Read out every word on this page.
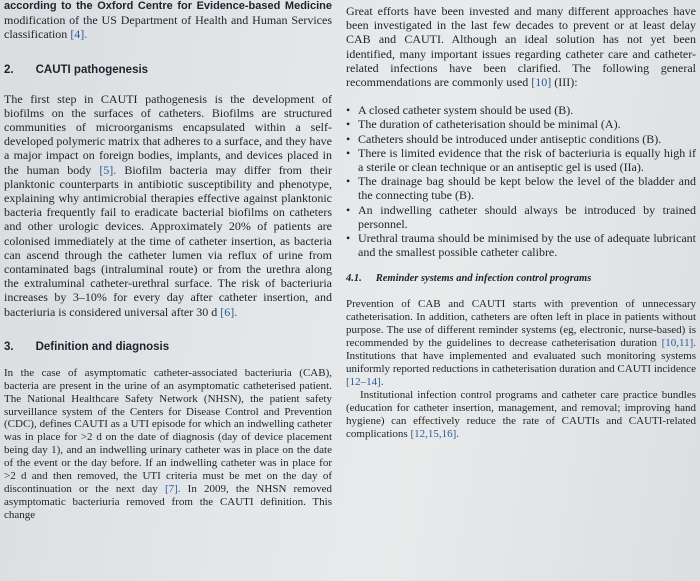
according to the Oxford Centre for Evidence-based Medicine modification of the US Department of Health and Human Services classification [4].

2. CAUTI pathogenesis

The first step in CAUTI pathogenesis is the development of biofilms on the surfaces of catheters. Biofilms are structured communities of microorganisms encapsulated within a self-developed polymeric matrix that adheres to a surface, and they have a major impact on foreign bodies, implants, and devices placed in the human body [5]. Biofilm bacteria may differ from their planktonic counterparts in antibiotic susceptibility and phenotype, explaining why antimicrobial therapies effective against planktonic bacteria frequently fail to eradicate bacterial biofilms on catheters and other urologic devices. Approximately 20% of patients are colonised immediately at the time of catheter insertion, as bacteria can ascend through the catheter lumen via reflux of urine from contaminated bags (intraluminal route) or from the urethra along the extraluminal catheter-urethral surface. The risk of bacteriuria increases by 3–10% for every day after catheter insertion, and bacteriuria is considered universal after 30 d [6].

3. Definition and diagnosis

In the case of asymptomatic catheter-associated bacteriuria (CAB), bacteria are present in the urine of an asymptomatic catheterised patient. The National Healthcare Safety Network (NHSN), the patient safety surveillance system of the Centers for Disease Control and Prevention (CDC), defines CAUTI as a UTI episode for which an indwelling catheter was in place for >2 d on the date of diagnosis (day of device placement being day 1), and an indwelling urinary catheter was in place on the date of the event or the day before. If an indwelling catheter was in place for >2 d and then removed, the UTI criteria must be met on the day of discontinuation or the next day [7]. In 2009, the NHSN removed asymptomatic bacteriuria removed from the CAUTI definition. This change

Great efforts have been invested and many different approaches have been investigated in the last few decades to prevent or at least delay CAB and CAUTI. Although an ideal solution has not yet been identified, many important issues regarding catheter care and catheter-related infections have been clarified. The following general recommendations are commonly used [10] (III):

• A closed catheter system should be used (B).
• The duration of catheterisation should be minimal (A).
• Catheters should be introduced under antiseptic conditions (B).
• There is limited evidence that the risk of bacteriuria is equally high if a sterile or clean technique or an antiseptic gel is used (IIa).
• The drainage bag should be kept below the level of the bladder and the connecting tube (B).
• An indwelling catheter should always be introduced by trained personnel.
• Urethral trauma should be minimised by the use of adequate lubricant and the smallest possible catheter calibre.
4.1. Reminder systems and infection control programs

Prevention of CAB and CAUTI starts with prevention of unnecessary catheterisation. In addition, catheters are often left in place in patients without purpose. The use of different reminder systems (eg, electronic, nurse-based) is recommended by the guidelines to decrease catheterisation duration [10,11]. Institutions that have implemented and evaluated such monitoring systems uniformly reported reductions in catheterisation duration and CAUTI incidence [12–14].

Institutional infection control programs and catheter care practice bundles (education for catheter insertion, management, and removal; improving hand hygiene) can effectively reduce the rate of CAUTIs and CAUTI-related complications [12,15,16].
